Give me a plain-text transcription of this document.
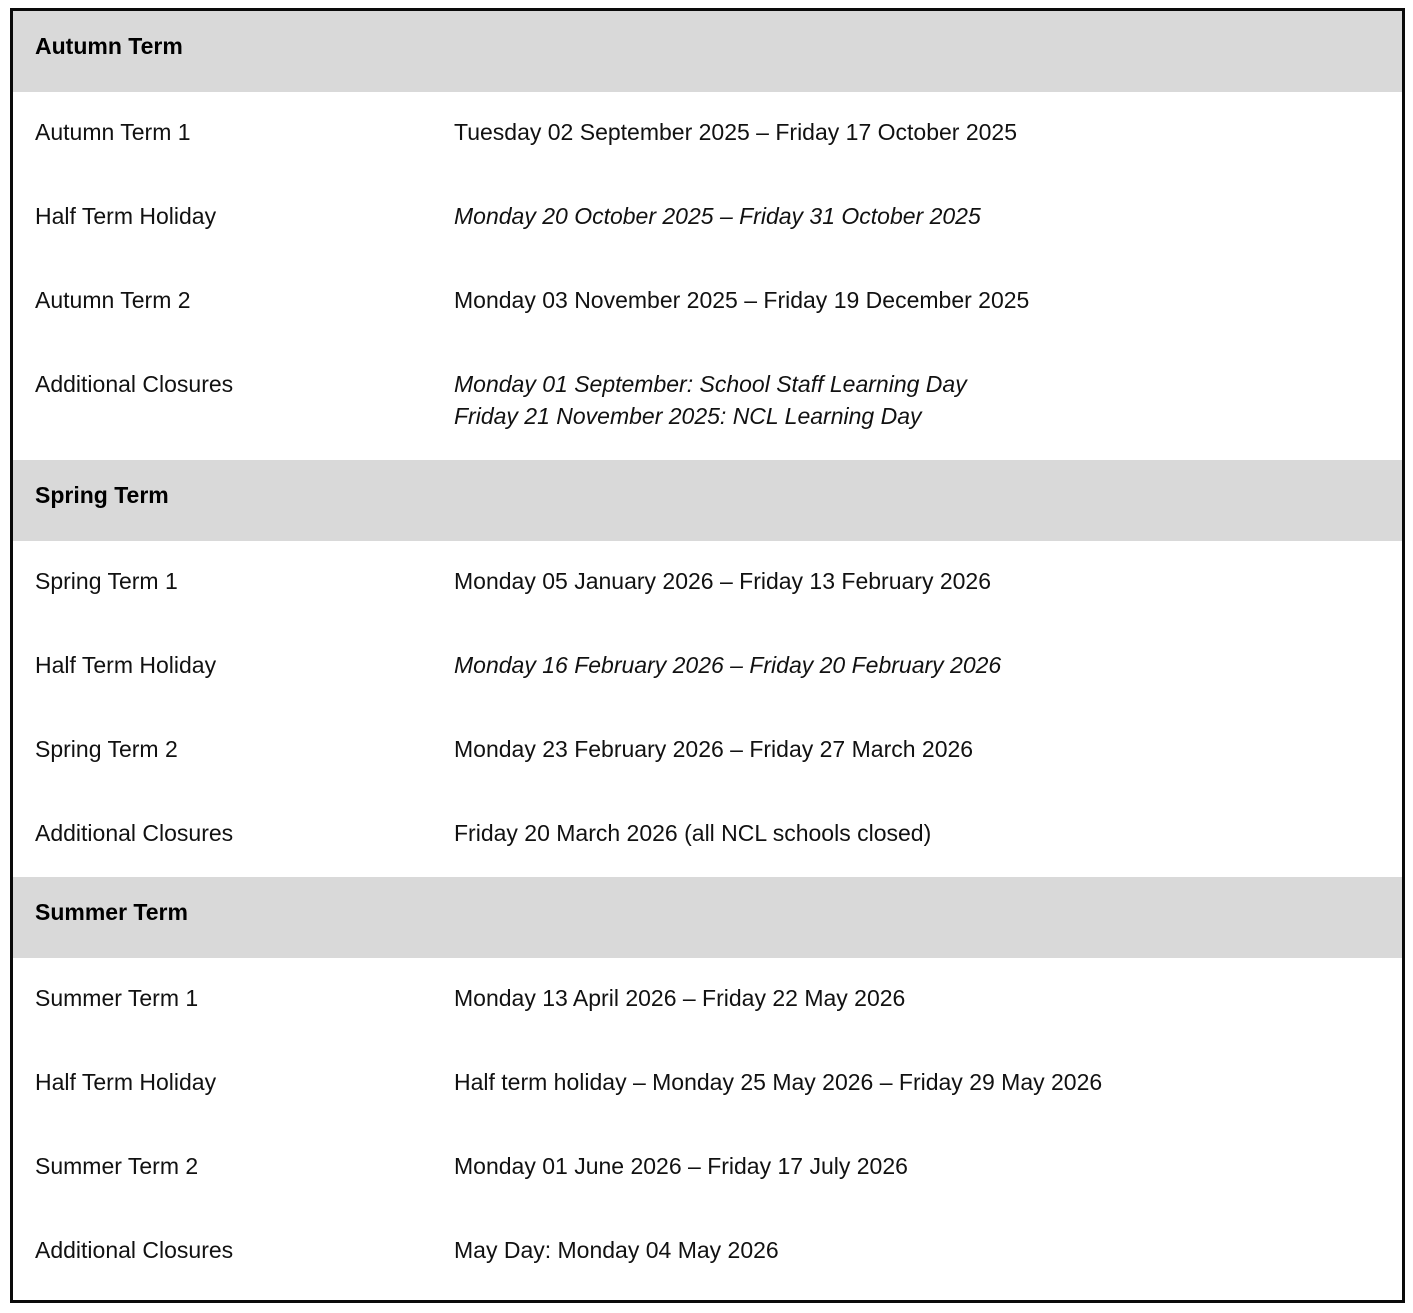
Autumn Term
Autumn Term 1	Tuesday 02 September 2025 – Friday 17 October 2025
Half Term Holiday	Monday 20 October 2025 – Friday 31 October 2025
Autumn Term 2	Monday 03 November 2025 – Friday 19 December 2025
Additional Closures	Monday 01 September: School Staff Learning Day
Friday 21 November 2025: NCL Learning Day
Spring Term
Spring Term 1	Monday 05 January 2026 – Friday 13 February 2026
Half Term Holiday	Monday 16 February 2026 – Friday 20 February 2026
Spring Term 2	Monday 23 February 2026 – Friday 27 March 2026
Additional Closures	Friday 20 March 2026 (all NCL schools closed)
Summer Term
Summer Term 1	Monday 13 April 2026 – Friday 22 May 2026
Half Term Holiday	Half term holiday – Monday 25 May 2026 – Friday 29 May 2026
Summer Term 2	Monday 01 June 2026 – Friday 17 July 2026
Additional Closures	May Day: Monday 04 May 2026
